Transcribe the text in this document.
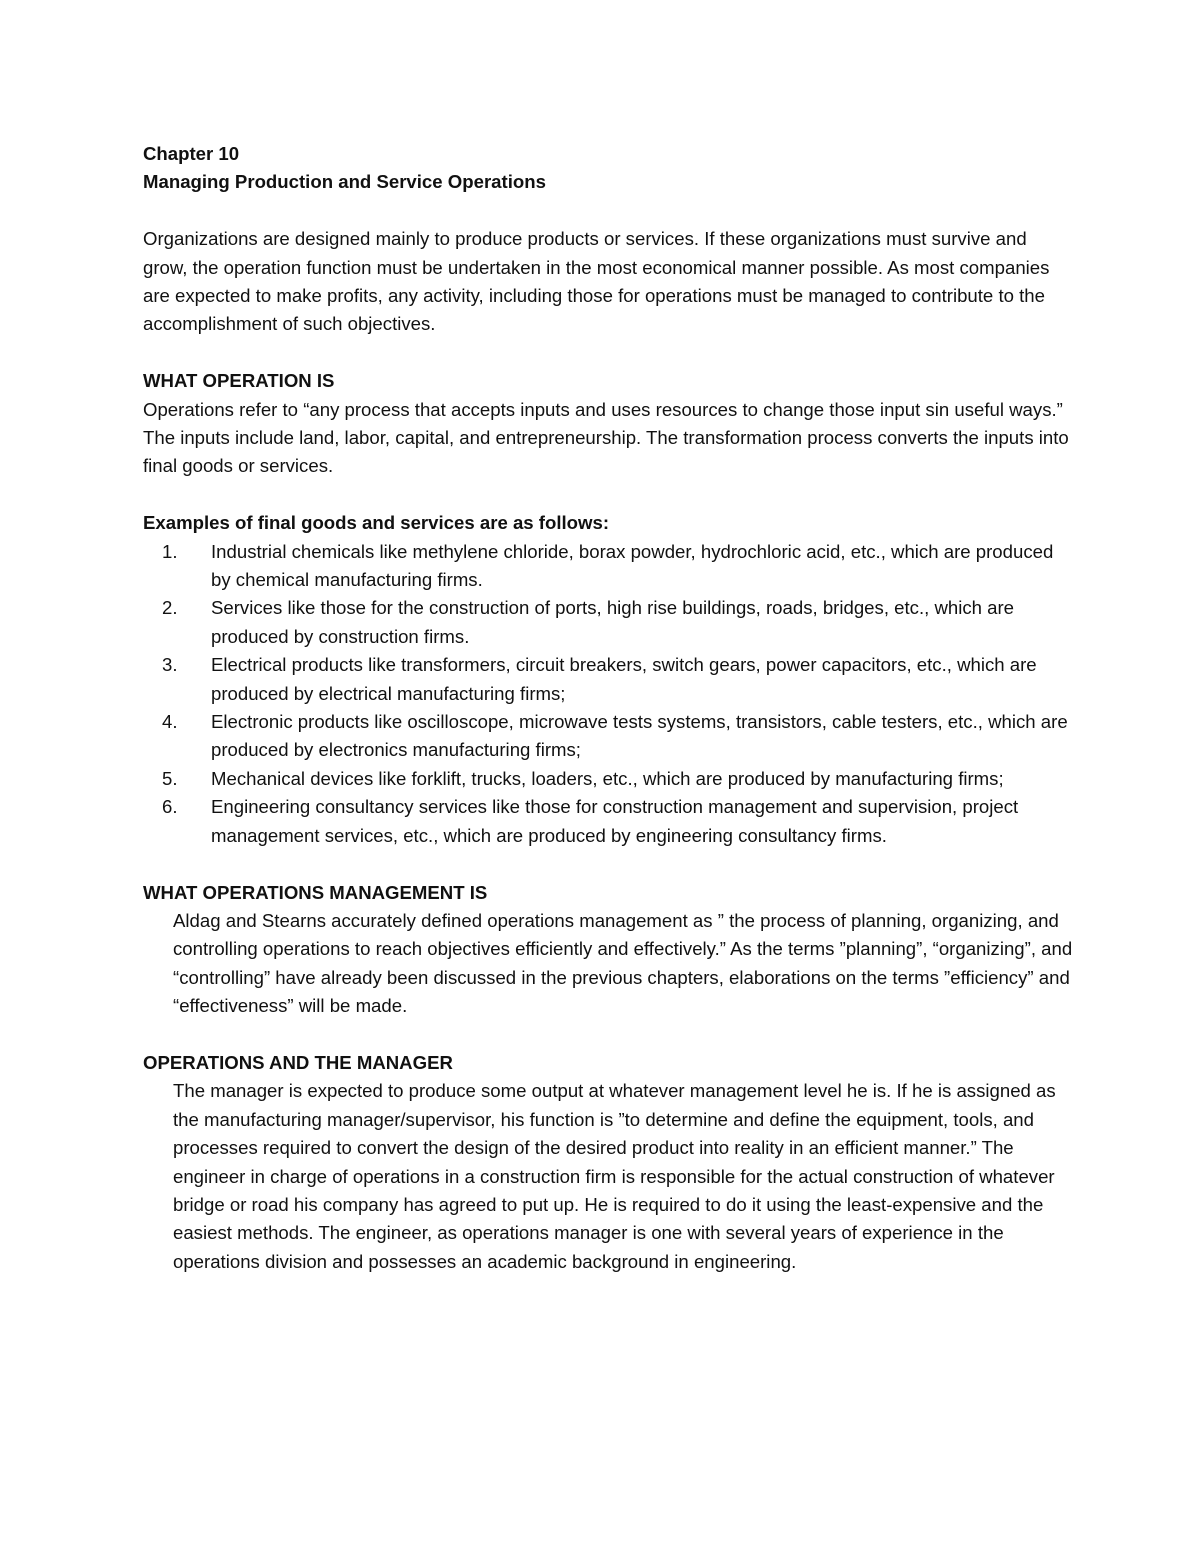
Chapter 10

Managing Production and Service Operations

Organizations are designed mainly to produce products or services. If these organizations must survive and grow, the operation function must be undertaken in the most economical manner possible. As most companies are expected to make profits, any activity, including those for operations must be managed to contribute to the accomplishment of such objectives.

WHAT OPERATION IS

Operations refer to “any process that accepts inputs and uses resources to change those input sin useful ways.” The inputs include land, labor, capital, and entrepreneurship. The transformation process converts the inputs into final goods or services.

Examples of final goods and services are as follows:

1. Industrial chemicals like methylene chloride, borax powder, hydrochloric acid, etc., which are produced by chemical manufacturing firms.
2. Services like those for the construction of ports, high rise buildings, roads, bridges, etc., which are produced by construction firms.
3. Electrical products like transformers, circuit breakers, switch gears, power capacitors, etc., which are produced by electrical manufacturing firms;
4. Electronic products like oscilloscope, microwave tests systems, transistors, cable testers, etc., which are produced by electronics manufacturing firms;
5. Mechanical devices like forklift, trucks, loaders, etc., which are produced by manufacturing firms;
6. Engineering consultancy services like those for construction management and supervision, project management services, etc., which are produced by engineering consultancy firms.

WHAT OPERATIONS MANAGEMENT IS

Aldag and Stearns accurately defined operations management as ” the process of planning, organizing, and controlling operations to reach objectives efficiently and effectively.” As the terms ”planning”, “organizing”, and “controlling” have already been discussed in the previous chapters, elaborations on the terms ”efficiency” and “effectiveness” will be made.

OPERATIONS AND THE MANAGER

The manager is expected to produce some output at whatever management level he is. If he is assigned as the manufacturing manager/supervisor, his function is ”to determine and define the equipment, tools, and processes required to convert the design of the desired product into reality in an efficient manner.” The engineer in charge of operations in a construction firm is responsible for the actual construction of whatever bridge or road his company has agreed to put up. He is required to do it using the least-expensive and the easiest methods. The engineer, as operations manager is one with several years of experience in the operations division and possesses an academic background in engineering.
